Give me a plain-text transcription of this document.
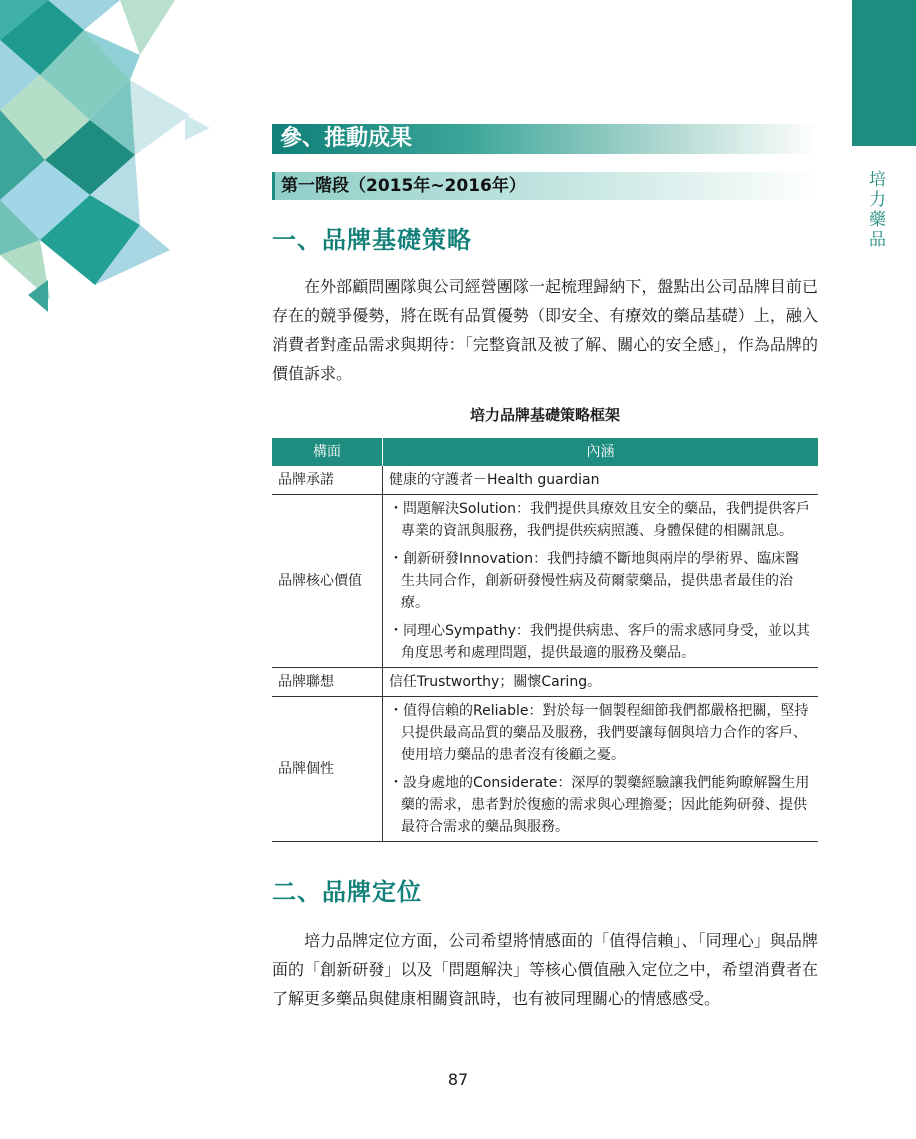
培力藥品
參、推動成果
第一階段（2015年~2016年）
一、品牌基礎策略

在外部顧問團隊與公司經營團隊一起梳理歸納下，盤點出公司品牌目前已存在的競爭優勢，將在既有品質優勢（即安全、有療效的藥品基礎）上，融入消費者對產品需求與期待：「完整資訊及被了解、關心的安全感」，作為品牌的價值訴求。

培力品牌基礎策略框架
構面	內涵
品牌承諾	健康的守護者－Health guardian

品牌核心價值	・問題解決Solution：我們提供具療效且安全的藥品，我們提供客戶專業的資訊與服務，我們提供疾病照護、身體保健的相關訊息。
・創新研發Innovation：我們持續不斷地與兩岸的學術界、臨床醫生共同合作，創新研發慢性病及荷爾蒙藥品，提供患者最佳的治療。
・同理心Sympathy：我們提供病患、客戶的需求感同身受，並以其角度思考和處理問題，提供最適的服務及藥品。

品牌聯想	信任Trustworthy；關懷Caring。

品牌個性	・值得信賴的Reliable：對於每一個製程細節我們都嚴格把關，堅持只提供最高品質的藥品及服務，我們要讓每個與培力合作的客戶、使用培力藥品的患者沒有後顧之憂。
・設身處地的Considerate：深厚的製藥經驗讓我們能夠瞭解醫生用藥的需求，患者對於復癒的需求與心理擔憂；因此能夠研發、提供最符合需求的藥品與服務。
二、品牌定位

培力品牌定位方面，公司希望將情感面的「值得信賴」、「同理心」與品牌面的「創新研發」以及「問題解決」等核心價值融入定位之中，希望消費者在了解更多藥品與健康相關資訊時，也有被同理關心的情感感受。

87
